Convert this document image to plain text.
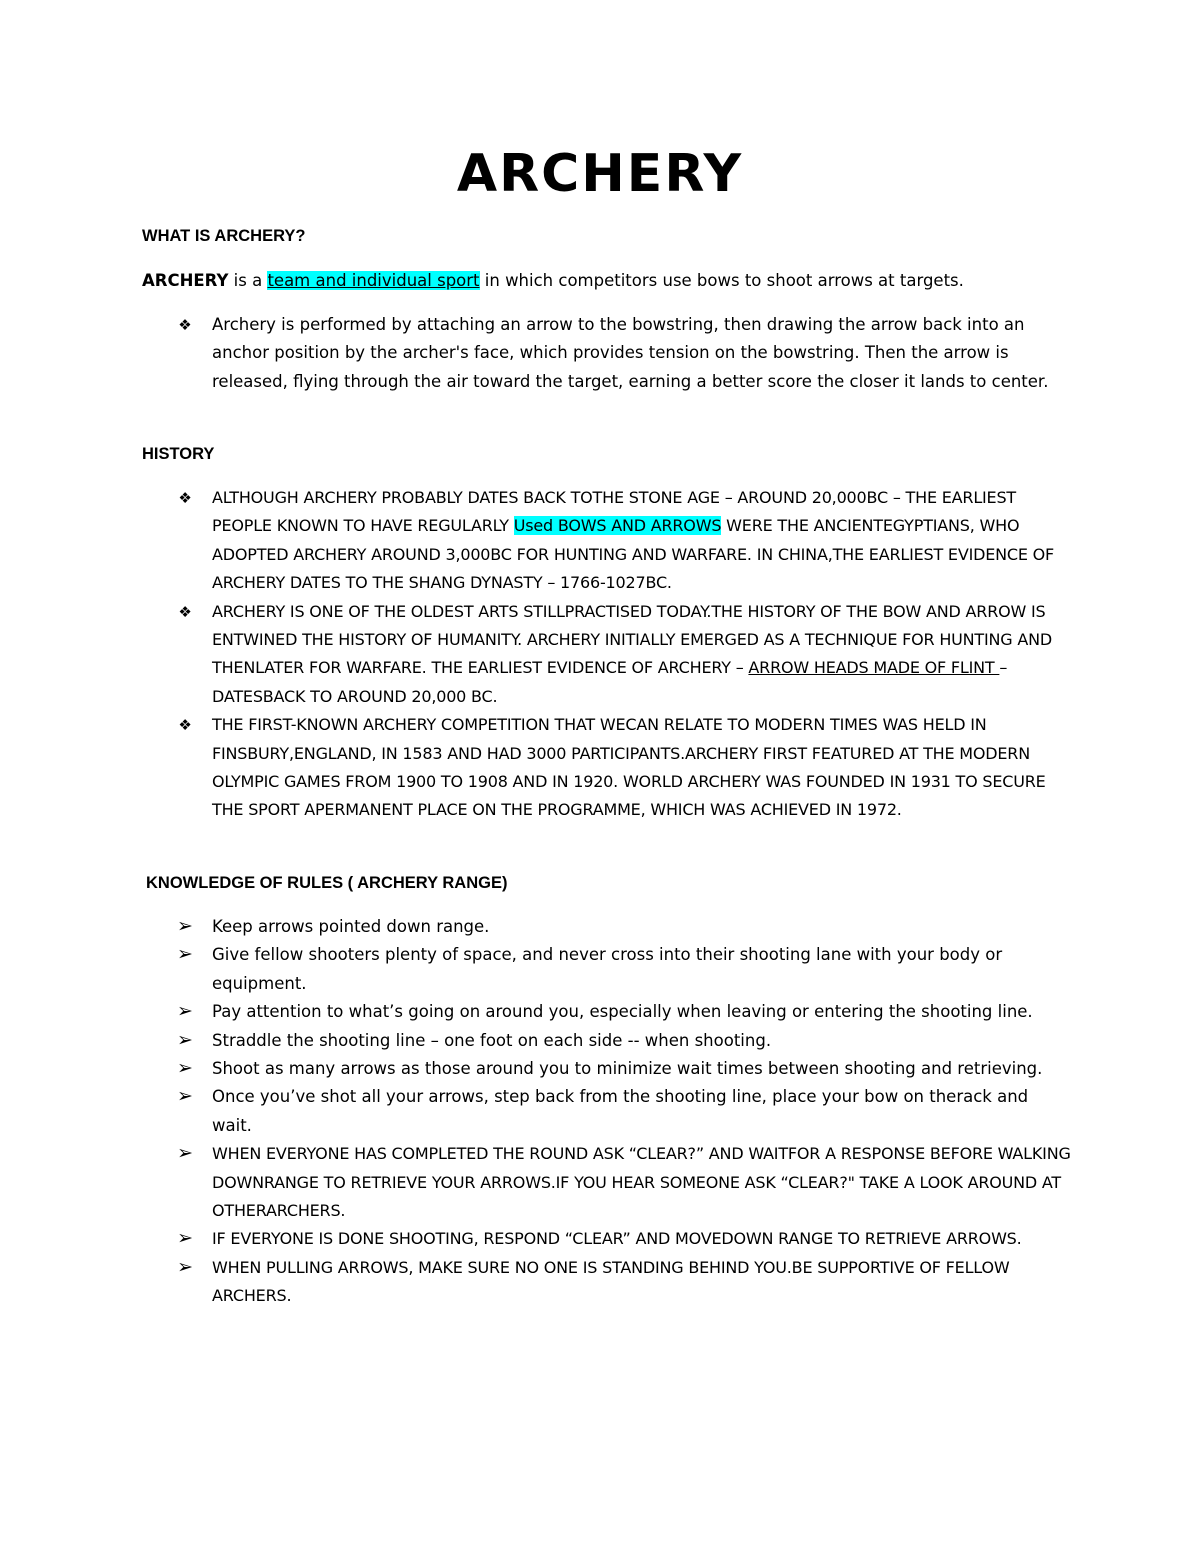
ARCHERY
WHAT IS ARCHERY?
ARCHERY is a team and individual sport in which competitors use bows to shoot arrows at targets.
❖ Archery is performed by attaching an arrow to the bowstring, then drawing the arrow back into an anchor position by the archer's face, which provides tension on the bowstring. Then the arrow is released, flying through the air toward the target, earning a better score the closer it lands to center.
HISTORY
❖ ALTHOUGH ARCHERY PROBABLY DATES BACK TOTHE STONE AGE – AROUND 20,000BC – THE EARLIEST PEOPLE KNOWN TO HAVE REGULARLY Used BOWS AND ARROWS WERE THE ANCIENTEGYPTIANS, WHO ADOPTED ARCHERY AROUND 3,000BC FOR HUNTING AND WARFARE. IN CHINA,THE EARLIEST EVIDENCE OF ARCHERY DATES TO THE SHANG DYNASTY – 1766-1027BC.
❖ ARCHERY IS ONE OF THE OLDEST ARTS STILLPRACTISED TODAY.THE HISTORY OF THE BOW AND ARROW IS ENTWINED THE HISTORY OF HUMANITY. ARCHERY INITIALLY EMERGED AS A TECHNIQUE FOR HUNTING AND THENLATER FOR WARFARE. THE EARLIEST EVIDENCE OF ARCHERY – ARROW HEADS MADE OF FLINT – DATESBACK TO AROUND 20,000 BC.
❖ THE FIRST-KNOWN ARCHERY COMPETITION THAT WECAN RELATE TO MODERN TIMES WAS HELD IN FINSBURY,ENGLAND, IN 1583 AND HAD 3000 PARTICIPANTS.ARCHERY FIRST FEATURED AT THE MODERN OLYMPIC GAMES FROM 1900 TO 1908 AND IN 1920. WORLD ARCHERY WAS FOUNDED IN 1931 TO SECURE THE SPORT APERMANENT PLACE ON THE PROGRAMME, WHICH WAS ACHIEVED IN 1972.
KNOWLEDGE OF RULES ( ARCHERY RANGE)
➢ Keep arrows pointed down range.
➢ Give fellow shooters plenty of space, and never cross into their shooting lane with your body or equipment.
➢ Pay attention to what’s going on around you, especially when leaving or entering the shooting line.
➢ Straddle the shooting line – one foot on each side -- when shooting.
➢ Shoot as many arrows as those around you to minimize wait times between shooting and retrieving.
➢ Once you’ve shot all your arrows, step back from the shooting line, place your bow on therack and wait.
➢ WHEN EVERYONE HAS COMPLETED THE ROUND ASK “CLEAR?” AND WAITFOR A RESPONSE BEFORE WALKING DOWNRANGE TO RETRIEVE YOUR ARROWS.IF YOU HEAR SOMEONE ASK “CLEAR?" TAKE A LOOK AROUND AT OTHERARCHERS.
➢ IF EVERYONE IS DONE SHOOTING, RESPOND “CLEAR” AND MOVEDOWN RANGE TO RETRIEVE ARROWS.
➢ WHEN PULLING ARROWS, MAKE SURE NO ONE IS STANDING BEHIND YOU.BE SUPPORTIVE OF FELLOW ARCHERS.
